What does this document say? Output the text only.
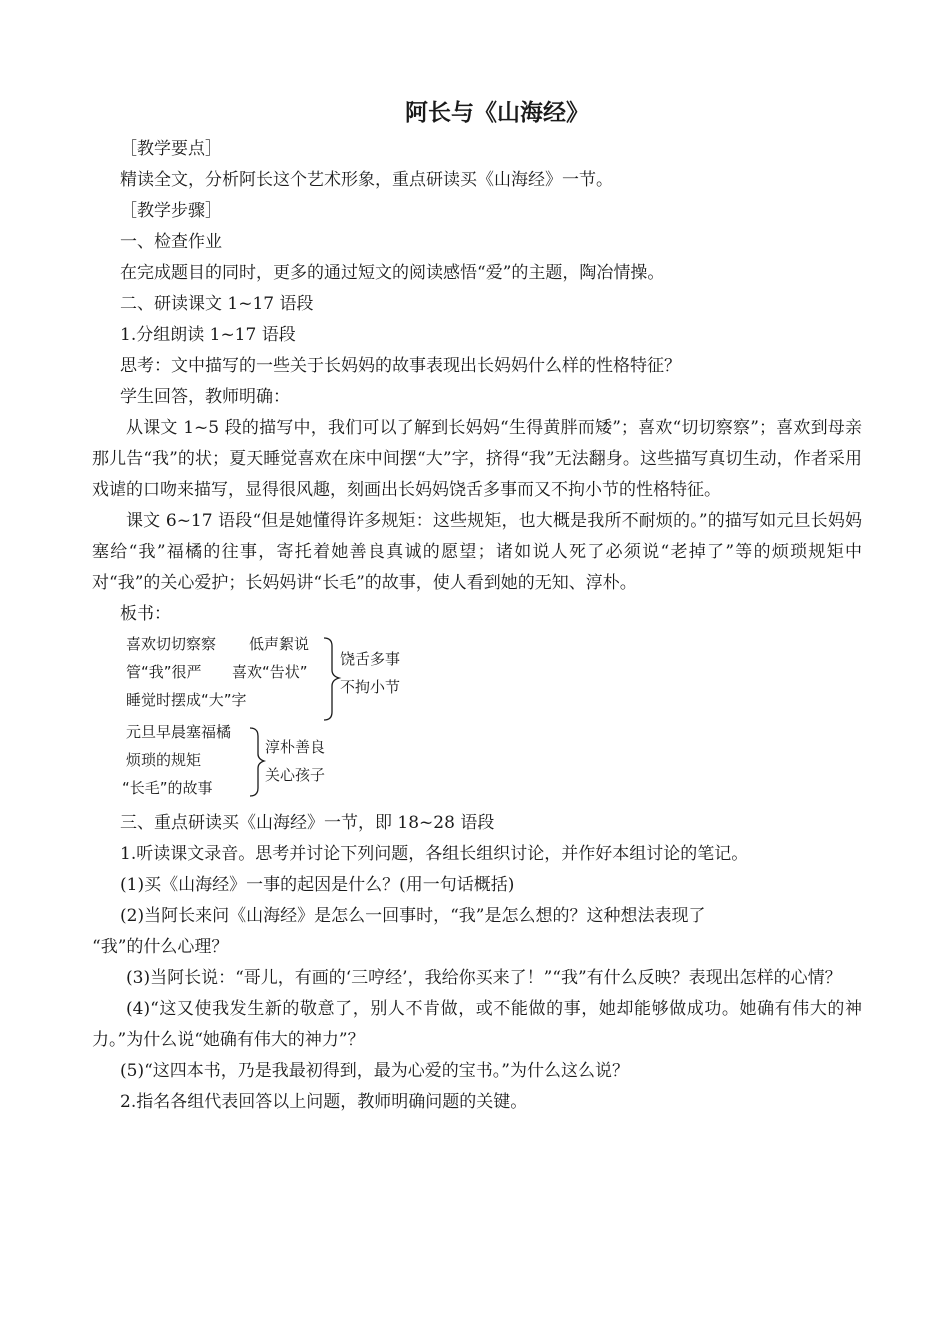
阿长与《山海经》

［教学要点］

精读全文，分析阿长这个艺术形象，重点研读买《山海经》一节。

［教学步骤］

一、检查作业

在完成题目的同时，更多的通过短文的阅读感悟“爱”的主题，陶冶情操。

二、研读课文 1~17 语段

1.分组朗读 1~17 语段

思考：文中描写的一些关于长妈妈的故事表现出长妈妈什么样的性格特征？

学生回答，教师明确：

从课文 1~5 段的描写中，我们可以了解到长妈妈“生得黄胖而矮”；喜欢“切切察察”；喜欢到母亲那儿告“我”的状；夏天睡觉喜欢在床中间摆“大”字，挤得“我”无法翻身。这些描写真切生动，作者采用戏谑的口吻来描写，显得很风趣，刻画出长妈妈饶舌多事而又不拘小节的性格特征。

课文 6~17 语段“但是她懂得许多规矩：这些规矩，也大概是我所不耐烦的。”的描写如元旦长妈妈塞给“我”福橘的往事，寄托着她善良真诚的愿望；诸如说人死了必须说“老掉了”等的烦琐规矩中对“我”的关心爱护；长妈妈讲“长毛”的故事，使人看到她的无知、淳朴。

板书：

喜欢切切察察 低声絮说
管“我”很严 喜欢“告状”
睡觉时摆成“大”字
饶舌多事
不拘小节
元旦早晨塞福橘
烦琐的规矩
“长毛”的故事
淳朴善良
关心孩子

三、重点研读买《山海经》一节，即 18~28 语段

1.听读课文录音。思考并讨论下列问题，各组长组织讨论，并作好本组讨论的笔记。

(1)买《山海经》一事的起因是什么？(用一句话概括)

(2)当阿长来问《山海经》是怎么一回事时，“我”是怎么想的？这种想法表现了

“我”的什么心理？

(3)当阿长说：“哥儿，有画的‘三哼经’，我给你买来了！”“我”有什么反映？表现出怎样的心情？

(4)“这又使我发生新的敬意了，别人不肯做，或不能做的事，她却能够做成功。她确有伟大的神力。”为什么说“她确有伟大的神力”？

(5)“这四本书，乃是我最初得到，最为心爱的宝书。”为什么这么说？

2.指名各组代表回答以上问题，教师明确问题的关键。
